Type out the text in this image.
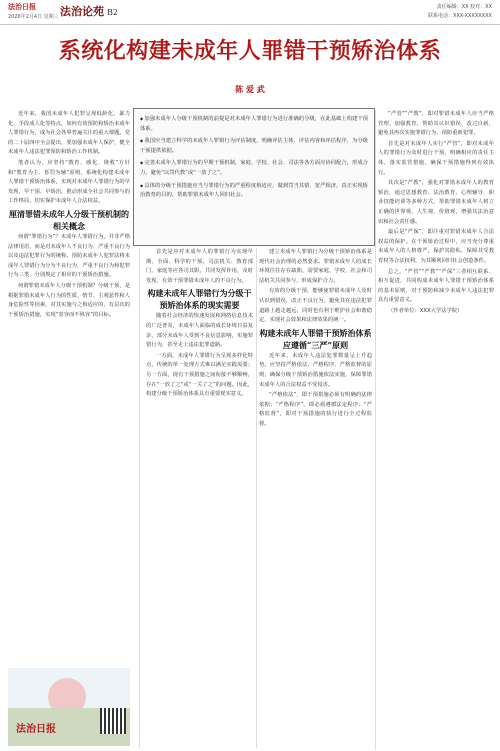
法治日报
2026年2月4日 星期三 法治论苑 B2
责任编辑：XX 校对：XX
联系电话：XXX-XXXXXXXX
系统化构建未成年人罪错干预矫治体系
陈 爱 武

近年来，我国未成年人犯罪呈现低龄化、暴力化、手段成人化等特点，如何有效预防和矫治未成年人罪错行为，成为社会各界普遍关注的重大课题。党的二十届四中全会提出，要加强未成年人保护，健全未成年人违法犯罪预防和矫治工作机制。

笔者认为，应坚持“教育、感化、挽救”方针和“教育为主、惩罚为辅”原则，系统化构建未成年人罪错干预矫治体系，实现对未成年人罪错行为的早发现、早干预、早矫治，推动形成全社会共同参与的工作格局，切实保护未成年人合法权益。

厘清罪错未成年人分级干预机制的相关概念

何谓“罪错行为”？未成年人罪错行为，并非严格法律用语，而是对未成年人不良行为、严重不良行为以及违法犯罪行为的统称。预防未成年人犯罪法将未成年人罪错行为分为不良行为、严重不良行为和犯罪行为三类，分别规定了相应的干预矫治措施。

何谓罪错未成年人分级干预机制？分级干预，是根据罪错未成年人行为的性质、情节、主观恶性和人身危险性等因素，对其实施与之相适应的、有层次的干预矫治措施，实现“宽容而不纵容”的目标。

法治日报

◆ 加强未成年人分级干预机制的前提是对未成年人罪错行为进行准确的分级，在此基础上构建干预体系。

◆ 我国应当建立科学的未成年人罪错行为评估制度，明确评估主体、评估内容和评估程序，为分级干预提供依据。

◆ 完善未成年人罪错行为的早期干预机制，家庭、学校、社会、司法等各方面应协同配合，形成合力，避免“以罚代教”或“一放了之”。

◆ 具体的分级干预措施应当与罪错行为的严重程度相适应，做到罚当其错、宽严相济，真正实现矫治教育的目的，帮助罪错未成年人回归社会。

首先是应对未成年人的罪错行为实现早期、全面、科学的干预。司法机关、教育部门、家庭等应各司其职，共同发挥作用，及时发现、有效干预罪错未成年人的不良行为。

构建未成年人罪错行为分级干预矫治体系的现实需要

随着社会经济的快速发展和网络信息技术的广泛普及，未成年人面临的成长环境日益复杂，部分未成年人受到不良信息影响，实施罪错行为，甚至走上违法犯罪道路。

一方面，未成年人罪错行为呈现多样化特点，传统的单一处理方式难以满足实践需要；另一方面，现有干预措施之间衔接不够顺畅，存在“一放了之”或“一关了之”的问题。因此，构建分级干预矫治体系具有重要现实意义。

建立未成年人罪错行为分级干预矫治体系是现代社会治理的必然要求。罪错未成年人的成长环境往往存在缺陷，需要家庭、学校、社会和司法机关共同参与，形成保护合力。

有效的分级干预，能够使罪错未成年人及时认识到错误，改正不良行为，避免其在违法犯罪道路上越走越远，同时也有利于维护社会和谐稳定，实现社会效果和法律效果的统一。

构建未成年人罪错干预矫治体系应遵循“三严”原则

近年来，未成年人违法犯罪数量呈上升趋势。应坚持严格依法、严格程序、严格监督的原则，确保分级干预矫治措施依法实施，保障罪错未成年人的合法权益不受侵害。

“严格依法”，即干预措施必须有明确的法律依据；“严格程序”，即必须遵循法定程序；“严格监督”，即对干预措施的执行进行全过程监督。

“严管”“严教”，即对罪错未成年人应当严格管理，加强教育，帮助其认识错误、改过自新，避免其再次实施罪错行为，预防重新犯罪。

首先是对未成年人实行“严管”，即对未成年人的罪错行为及时进行干预，明确相应的责任主体，落实监管措施，确保干预措施得到有效执行。

其次是“严教”，强化对罪错未成年人的教育矫治，通过思想教育、法治教育、心理辅导、职业技能培训等多种方式，帮助罪错未成年人树立正确的世界观、人生观、价值观，增强其法治意识和社会责任感。

最后是“严保”，即注重对罪错未成年人合法权益的保护。在干预矫治过程中，应当充分尊重未成年人的人格尊严，保护其隐私，保障其受教育权等合法权利，为其顺利回归社会创造条件。

总之，“严管”“严教”“严保”三者相互联系、相互促进，共同构成未成年人罪错干预矫治体系的基本原则，对于预防和减少未成年人违法犯罪具有重要意义。

（作者单位：XXX大学法学院）
